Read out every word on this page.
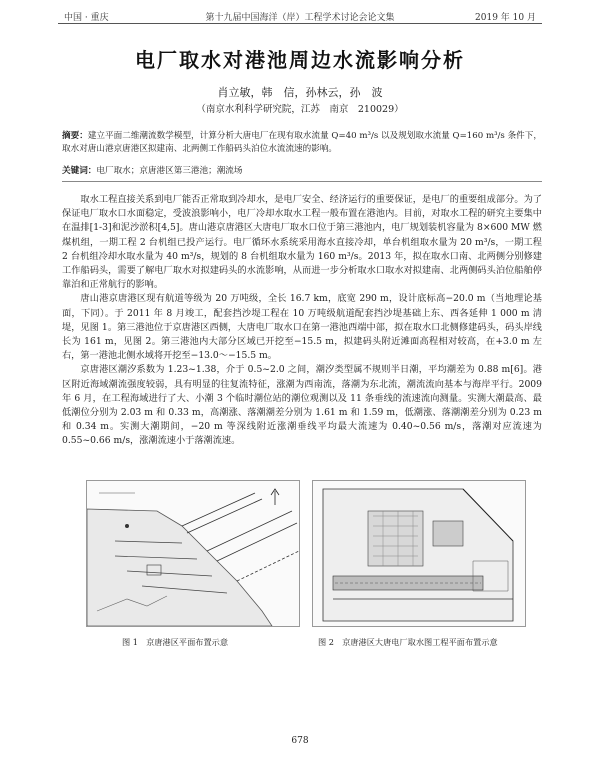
中国 · 重庆	第十九届中国海洋（岸）工程学术讨论会论文集	2019 年 10 月
电厂取水对港池周边水流影响分析
肖立敏，韩　信，孙林云，孙　波
（南京水利科学研究院，江苏　南京　210029）
摘要：建立平面二维潮流数学模型，计算分析大唐电厂在现有取水流量 Q=40 m³/s 以及规划取水流量 Q=160 m³/s 条件下，取水对唐山港京唐港区拟建南、北两侧工作船码头泊位水流流速的影响。
关键词：电厂取水；京唐港区第三港池；潮流场

取水工程直接关系到电厂能否正常取到冷却水，是电厂安全、经济运行的重要保证，是电厂的重要组成部分。为了保证电厂取水口水面稳定，受波浪影响小，电厂冷却水取水工程一般布置在港池内。目前，对取水工程的研究主要集中在温排[1-3]和泥沙淤积[4,5]。唐山港京唐港区大唐电厂取水口位于第三港池内，电厂规划装机容量为 8×600 MW 燃煤机组，一期工程 2 台机组已投产运行。电厂循环水系统采用海水直接冷却，单台机组取水量为 20 m³/s，一期工程 2 台机组冷却水取水量为 40 m³/s，规划的 8 台机组取水量为 160 m³/s。2013 年，拟在取水口南、北两侧分别修建工作船码头，需要了解电厂取水对拟建码头的水流影响，从而进一步分析取水口取水对拟建南、北两侧码头泊位船舶停靠泊和正常航行的影响。

唐山港京唐港区现有航道等级为 20 万吨级，全长 16.7 km，底宽 290 m，设计底标高−20.0 m（当地理论基面，下同）。于 2011 年 8 月竣工，配套挡沙堤工程在 10 万吨级航道配套挡沙堤基础上东、西各延伸 1 000 m 清堤，见图 1。第三港池位于京唐港区西侧，大唐电厂取水口在第一港池西端中部，拟在取水口北侧修建码头，码头岸线长为 161 m，见图 2。第三港池内大部分区域已开挖至−15.5 m，拟建码头附近滩面高程相对较高，在+3.0 m 左右，第一港池北侧水域将开挖至−13.0～−15.5 m。

京唐港区潮汐系数为 1.23~1.38，介于 0.5~2.0 之间，潮汐类型属不规则半日潮，平均潮差为 0.88 m[6]。港区附近海域潮流强度较弱，具有明显的往复流特征，涨潮为西南流，落潮为东北流，潮流流向基本与海岸平行。2009 年 6 月，在工程海域进行了大、小潮 3 个临时潮位站的潮位观测以及 11 条垂线的流速流向测量。实测大潮最高、最低潮位分别为 2.03 m 和 0.33 m，高潮涨、落潮潮差分别为 1.61 m 和 1.59 m，低潮涨、落潮潮差分别为 0.23 m 和 0.34 m。实测大潮期间，−20 m 等深线附近涨潮垂线平均最大流速为 0.40~0.56 m/s，落潮对应流速为 0.55~0.66 m/s，涨潮流速小于落潮流速。

图 1　京唐港区平面布置示意	图 2　京唐港区大唐电厂取水图工程平面布置示意
678
